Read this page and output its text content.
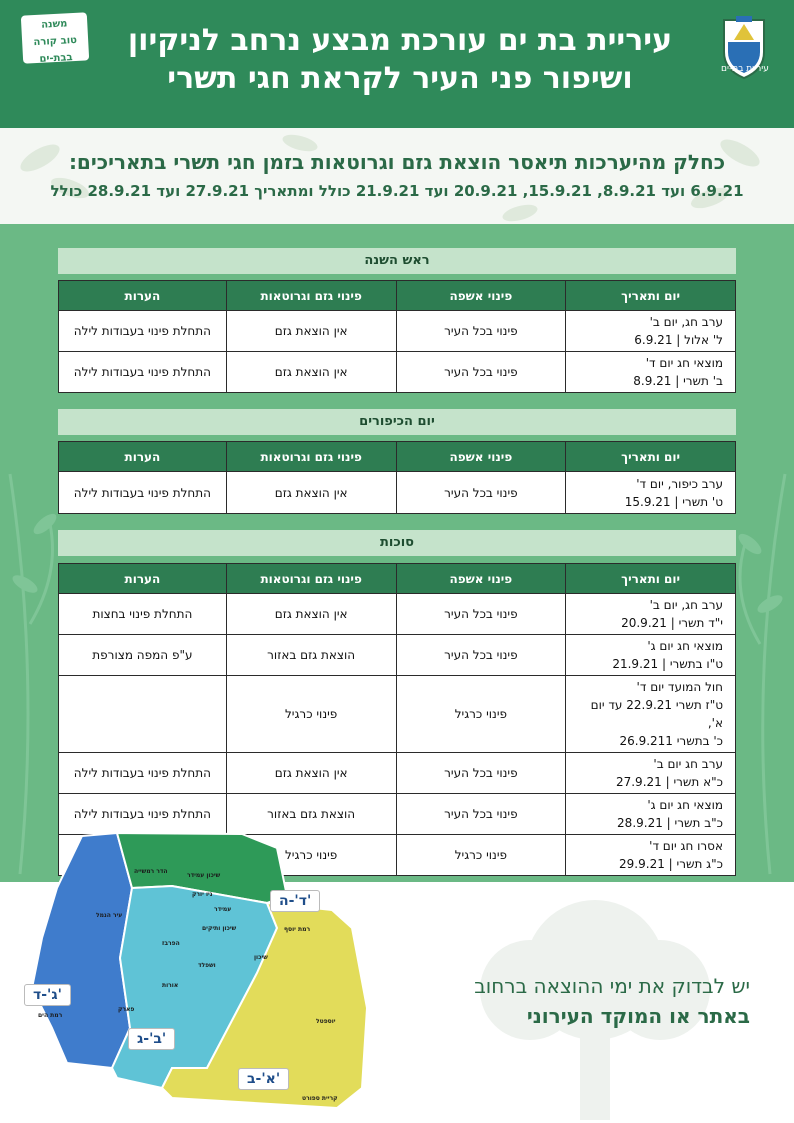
עיריית בת ים עורכת מבצע נרחב לניקיון
ושיפור פני העיר לקראת חגי תשרי	עיריית בת-ים
משנה
טוב קורה
בבת-ים
כחלק מהיערכות תיאסר הוצאת גזם וגרוטאות בזמן חגי תשרי בתאריכים:
6.9.21 ועד 8.9.21, 15.9.21, 20.9.21 ועד 21.9.21 כולל ומתאריך 27.9.21 ועד 28.9.21 כולל
ראש השנה
יום ותאריך	פינוי אשפה	פינוי גזם וגרוטאות	הערות

ערב חג, יום ב'
ל' אלול | 6.9.21	פינוי בכל העיר	אין הוצאת גזם	התחלת פינוי בעבודות לילה

מוצאי חג יום ד'
ב' תשרי | 8.9.21	פינוי בכל העיר	אין הוצאת גזם	התחלת פינוי בעבודות לילה
יום הכיפורים
יום ותאריך	פינוי אשפה	פינוי גזם וגרוטאות	הערות

ערב כיפור, יום ד'
ט' תשרי | 15.9.21	פינוי בכל העיר	אין הוצאת גזם	התחלת פינוי בעבודות לילה
סוכות
יום ותאריך	פינוי אשפה	פינוי גזם וגרוטאות	הערות

ערב חג, יום ב'
י"ד תשרי | 20.9.21	פינוי בכל העיר	אין הוצאת גזם	התחלת פינוי בחצות

מוצאי חג יום ג'
ט"ו בתשרי | 21.9.21	פינוי בכל העיר	הוצאת גזם באזור	ע"פ המפה מצורפת

חול המועד יום ד'
ט"ז תשרי 22.9.21 עד יום א',
כ' בתשרי 26.9.211	פינוי כרגיל	פינוי כרגיל	

ערב חג יום ב'
כ"א תשרי | 27.9.21	פינוי בכל העיר	אין הוצאת גזם	התחלת פינוי בעבודות לילה

מוצאי חג יום ג'
כ"ב תשרי | 28.9.21	פינוי בכל העיר	הוצאת גזם באזור	התחלת פינוי בעבודות לילה

אסרו חג יום ד'
כ"ג תשרי | 29.9.21	פינוי כרגיל	פינוי כרגיל	
יש לבדוק את ימי ההוצאה ברחוב
באתר או המוקד העירוני
שיכון עמידר
הדר רמשייה
ניו יורק
רמת יוסף
שיכון ותיקים
הפרבז
ושפלד
עיר הנמל
יוספטל
פארק
רמת הים
עמידר
שיכון
אורות
קריית ספורט
ד'-ה'
ג'-ד'
ב'-ג'
א'-ב'
